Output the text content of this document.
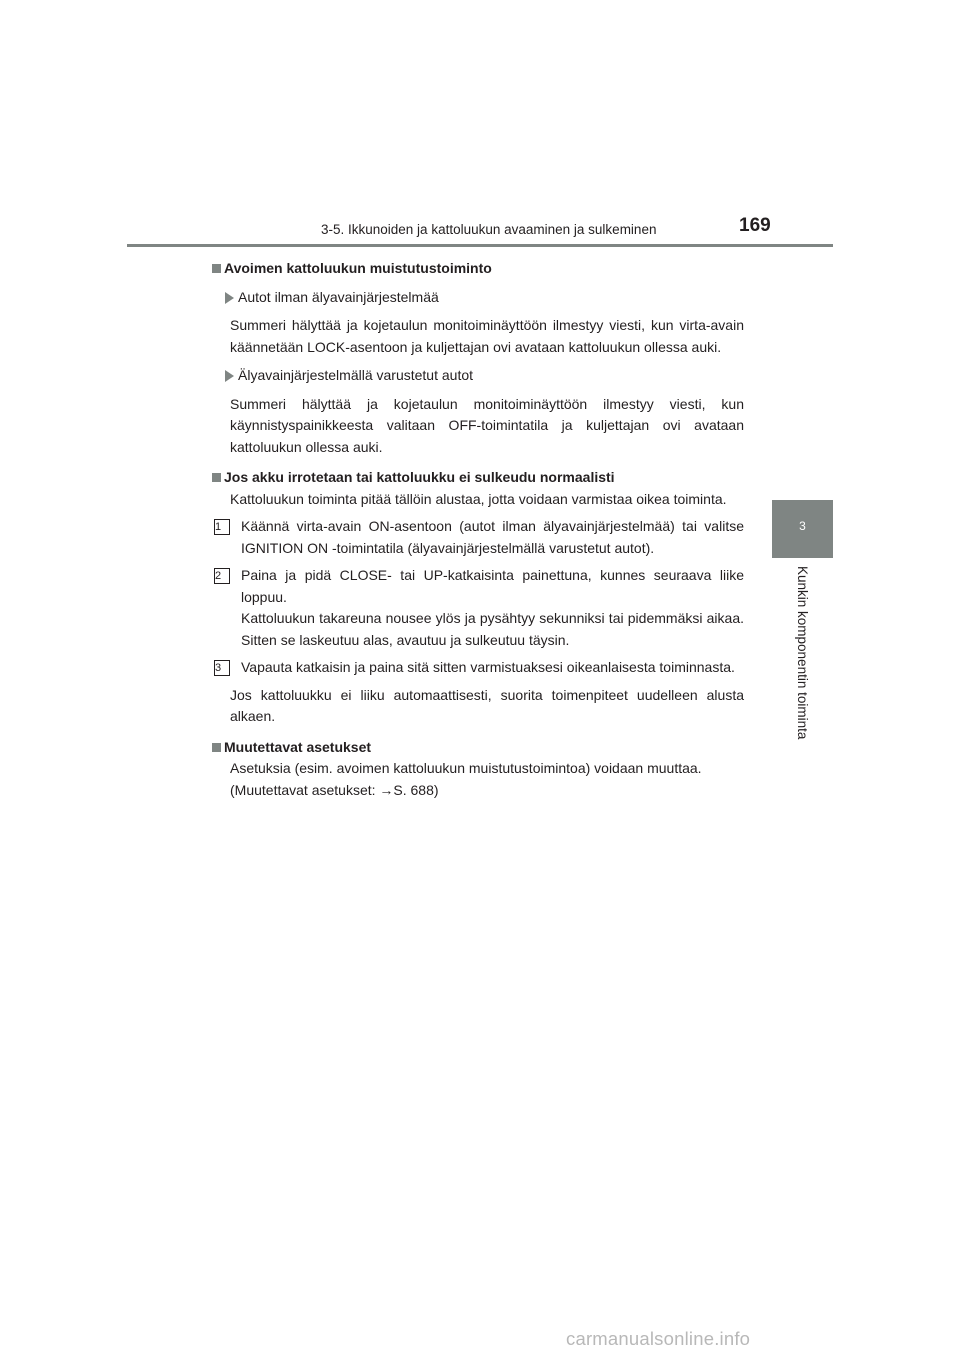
3-5. Ikkunoiden ja kattoluukun avaaminen ja sulkeminen	169
3
Kunkin komponentin toiminta

Avoimen kattoluukun muistutustoiminto

Autot ilman älyavainjärjestelmää

Summeri hälyttää ja kojetaulun monitoiminäyttöön ilmestyy viesti, kun virta-avain käännetään LOCK-asentoon ja kuljettajan ovi avataan kattoluukun ollessa auki.

Älyavainjärjestelmällä varustetut autot

Summeri hälyttää ja kojetaulun monitoiminäyttöön ilmestyy viesti, kun käynnistyspainikkeesta valitaan OFF-toimintatila ja kuljettajan ovi avataan kattoluukun ollessa auki.

Jos akku irrotetaan tai kattoluukku ei sulkeudu normaalisti

Kattoluukun toiminta pitää tällöin alustaa, jotta voidaan varmistaa oikea toiminta.

1	Käännä virta-avain ON-asentoon (autot ilman älyavainjärjestelmää) tai valitse IGNITION ON -toimintatila (älyavainjärjestelmällä varustetut autot).

2	Paina ja pidä CLOSE- tai UP-katkaisinta painettuna, kunnes seuraava liike loppuu.

Kattoluukun takareuna nousee ylös ja pysähtyy sekunniksi tai pidemmäksi aikaa. Sitten se laskeutuu alas, avautuu ja sulkeutuu täysin.

3	Vapauta katkaisin ja paina sitä sitten varmistuaksesi oikeanlaisesta toiminnasta.

Jos kattoluukku ei liiku automaattisesti, suorita toimenpiteet uudelleen alusta alkaen.

Muutettavat asetukset

Asetuksia (esim. avoimen kattoluukun muistutustoimintoa) voidaan muuttaa.

(Muutettavat asetukset: →S. 688)

carmanualsonline.info
